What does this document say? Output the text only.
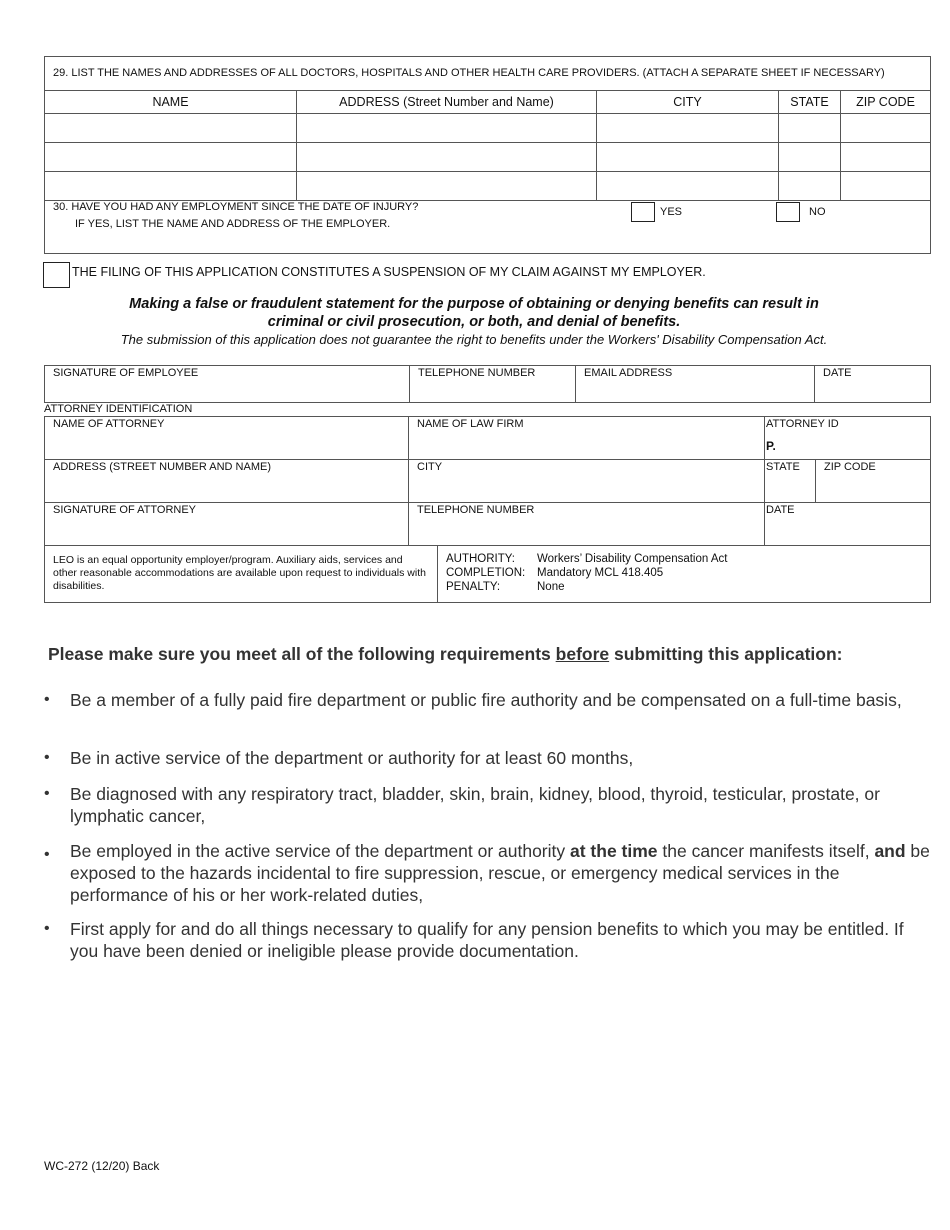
29. LIST THE NAMES AND ADDRESSES OF ALL DOCTORS, HOSPITALS AND OTHER HEALTH CARE PROVIDERS. (ATTACH A SEPARATE SHEET IF NECESSARY)				
NAME	ADDRESS (Street Number and Name)	CITY	STATE	ZIP CODE

30. HAVE YOU HAD ANY EMPLOYMENT SINCE THE DATE OF INJURY?
IF YES, LIST THE NAME AND ADDRESS OF THE EMPLOYER.
YES NO				
THE FILING OF THIS APPLICATION CONSTITUTES A SUSPENSION OF MY CLAIM AGAINST MY EMPLOYER.
Making a false or fraudulent statement for the purpose of obtaining or denying benefits can result in
criminal or civil prosecution, or both, and denial of benefits.
The submission of this application does not guarantee the right to benefits under the Workers' Disability Compensation Act.
SIGNATURE OF EMPLOYEE	TELEPHONE NUMBER	EMAIL ADDRESS	DATE
ATTORNEY IDENTIFICATION
NAME OF ATTORNEY	NAME OF LAW FIRM	ATTORNEY ID
P.	

ADDRESS (STREET NUMBER AND NAME)	CITY	STATE	ZIP CODE
SIGNATURE OF ATTORNEY	TELEPHONE NUMBER	DATE	
LEO is an equal opportunity employer/program. Auxiliary aids, services and other reasonable accommodations are available upon request to individuals with disabilities.	
AUTHORITY: Workers’ Disability Compensation Act
COMPLETION: Mandatory MCL 418.405
PENALTY:	None
Please make sure you meet all of the following requirements before submitting this application:
• Be a member of a fully paid fire department or public fire authority and be compensated on a full-time basis,
• Be in active service of the department or authority for at least 60 months,
• Be diagnosed with any respiratory tract, bladder, skin, brain, kidney, blood, thyroid, testicular, prostate, or lymphatic cancer,
• Be employed in the active service of the department or authority at the time the cancer manifests itself, and be exposed to the hazards incidental to fire suppression, rescue, or emergency medical services in the performance of his or her work-related duties,
• First apply for and do all things necessary to qualify for any pension benefits to which you may be entitled. If you have been denied or ineligible please provide documentation.
WC-272 (12/20) Back
